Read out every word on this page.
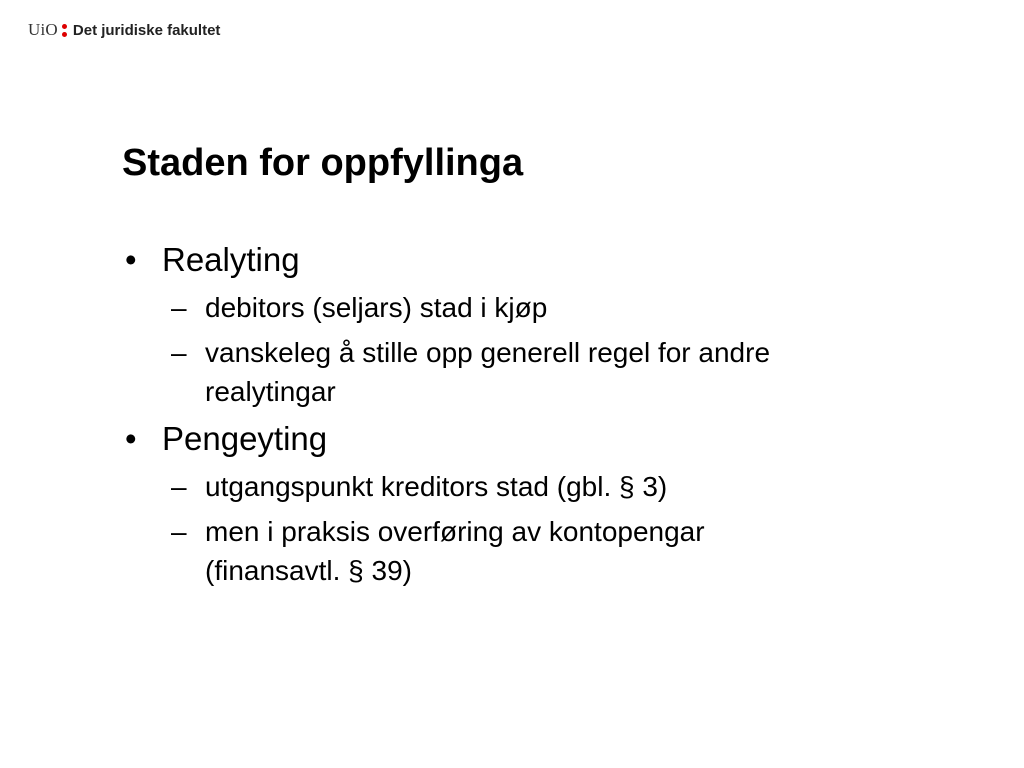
UiO Det juridiske fakultet
Staden for oppfyllinga
• Realyting
– debitors (seljars) stad i kjøp
– vanskeleg å stille opp generell regel for andre realytingar
• Pengeyting
– utgangspunkt kreditors stad (gbl. § 3)
– men i praksis overføring av kontopengar (finansavtl. § 39)
